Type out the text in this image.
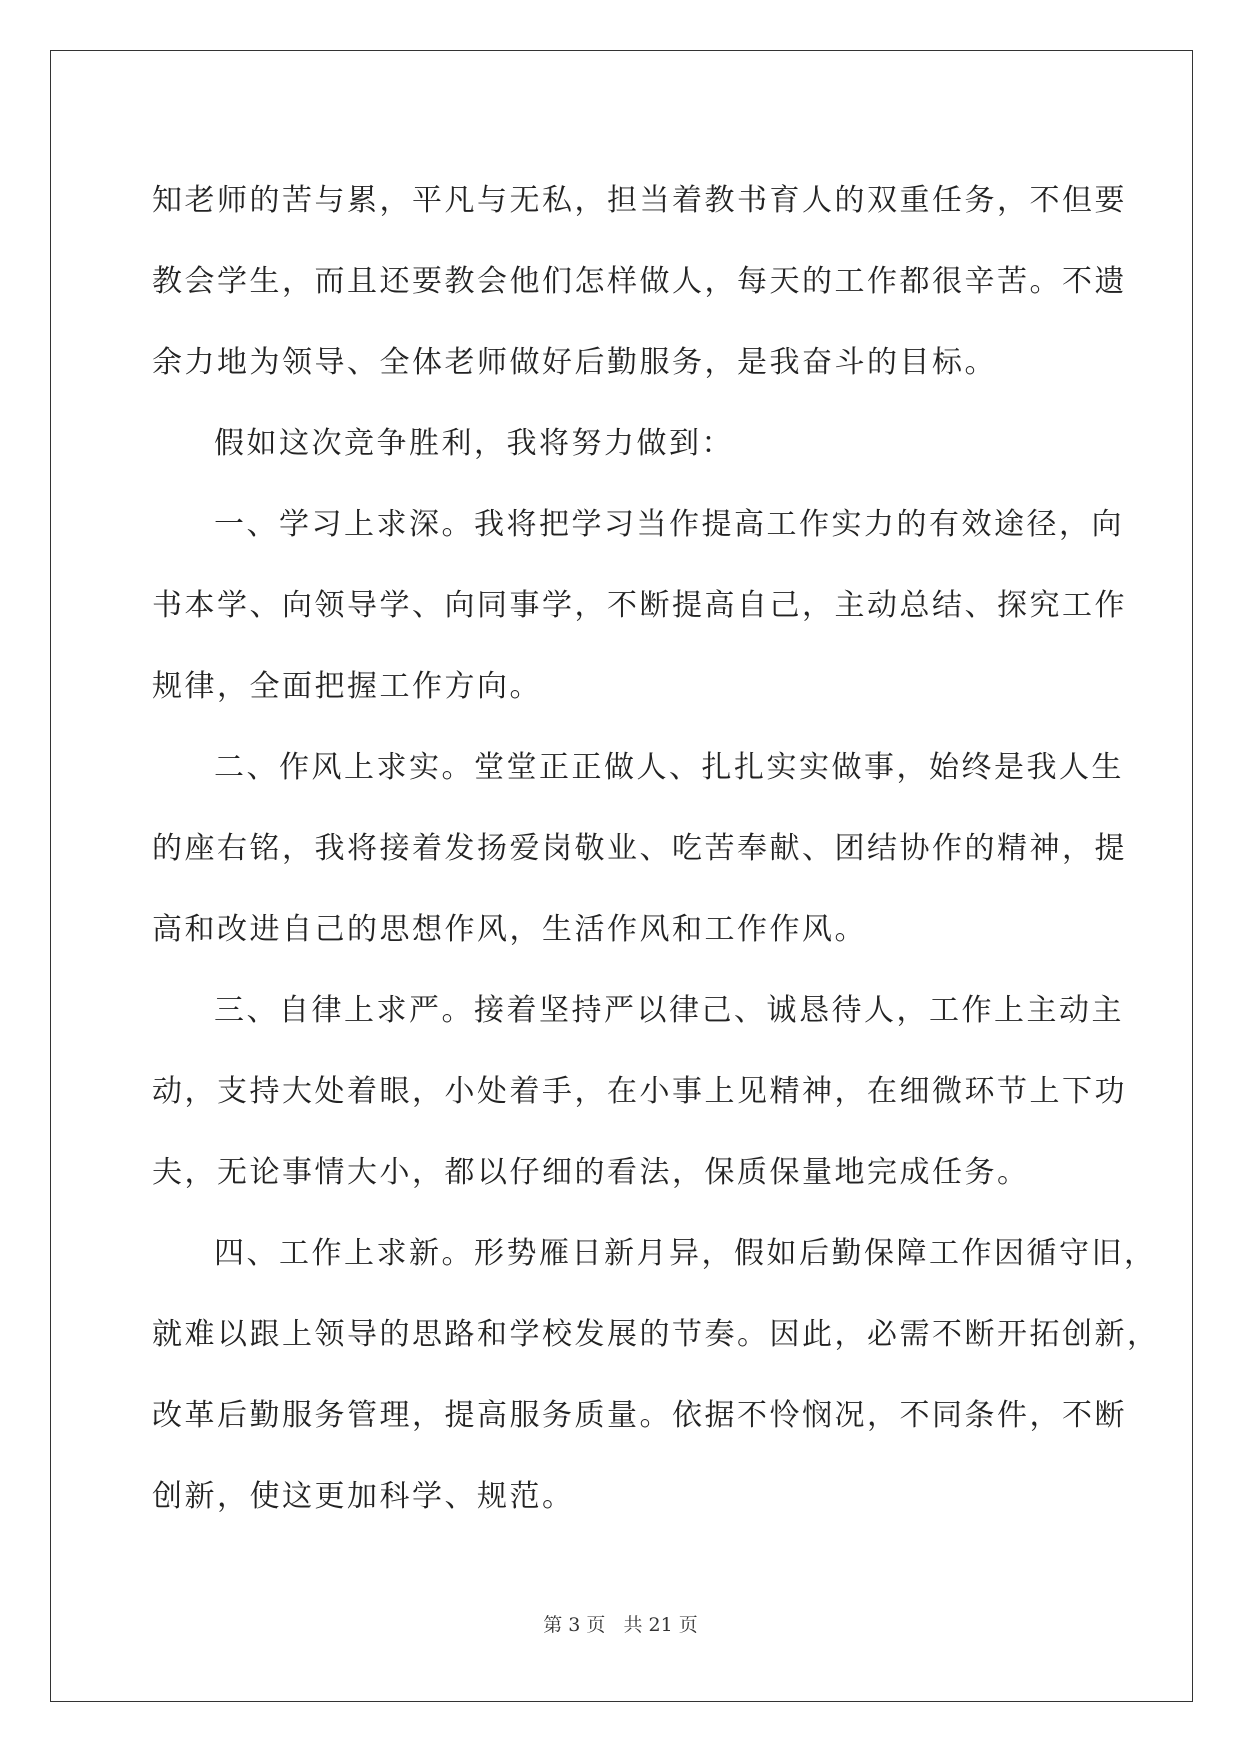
知老师的苦与累，平凡与无私，担当着教书育人的双重任务，不但要

教会学生，而且还要教会他们怎样做人，每天的工作都很辛苦。不遗

余力地为领导、全体老师做好后勤服务，是我奋斗的目标。

假如这次竞争胜利，我将努力做到：

一、学习上求深。我将把学习当作提高工作实力的有效途径，向

书本学、向领导学、向同事学，不断提高自己，主动总结、探究工作

规律，全面把握工作方向。

二、作风上求实。堂堂正正做人、扎扎实实做事，始终是我人生

的座右铭，我将接着发扬爱岗敬业、吃苦奉献、团结协作的精神，提

高和改进自己的思想作风，生活作风和工作作风。

三、自律上求严。接着坚持严以律己、诚恳待人，工作上主动主

动，支持大处着眼，小处着手，在小事上见精神，在细微环节上下功

夫，无论事情大小，都以仔细的看法，保质保量地完成任务。

四、工作上求新。形势雁日新月异，假如后勤保障工作因循守旧，

就难以跟上领导的思路和学校发展的节奏。因此，必需不断开拓创新，

改革后勤服务管理，提高服务质量。依据不怜悯况，不同条件，不断

创新，使这更加科学、规范。

第 3 页 共 21 页
